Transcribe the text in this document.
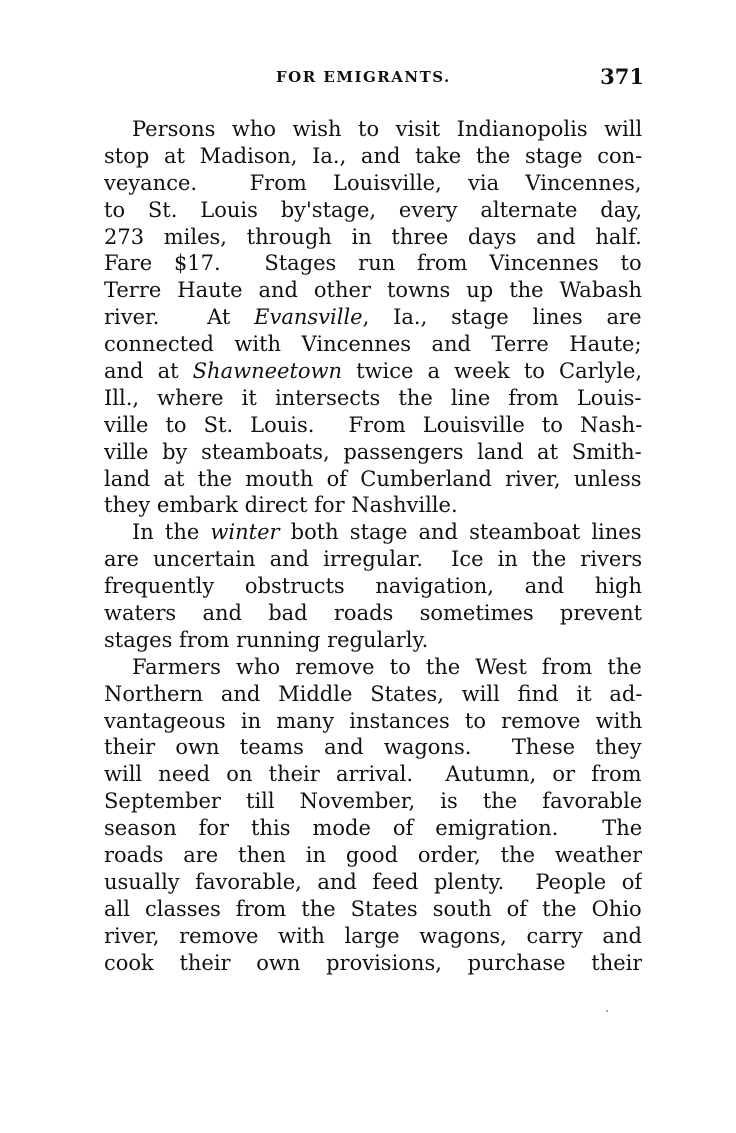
FOR EMIGRANTS.	371
Persons who wish to visit Indianopolis will
stop at Madison, Ia., and take the stage con-
veyance.  From Louisville, via Vincennes,
to St. Louis by'stage, every alternate day,
273 miles, through in three days and half.
Fare $17.  Stages run from Vincennes to
Terre Haute and other towns up the Wabash
river.  At Evansville, Ia., stage lines are
connected with Vincennes and Terre Haute;
and at Shawneetown twice a week to Carlyle,
Ill., where it intersects the line from Louis-
ville to St. Louis.  From Louisville to Nash-
ville by steamboats, passengers land at Smith-
land at the mouth of Cumberland river, unless
they embark direct for Nashville.
In the winter both stage and steamboat lines
are uncertain and irregular.  Ice in the rivers
frequently obstructs navigation, and high
waters and bad roads sometimes prevent
stages from running regularly.
Farmers who remove to the West from the
Northern and Middle States, will find it ad-
vantageous in many instances to remove with
their own teams and wagons.  These they
will need on their arrival.  Autumn, or from
September till November, is the favorable
season for this mode of emigration.  The
roads are then in good order, the weather
usually favorable, and feed plenty.  People of
all classes from the States south of the Ohio
river, remove with large wagons, carry and
cook their own provisions, purchase their
